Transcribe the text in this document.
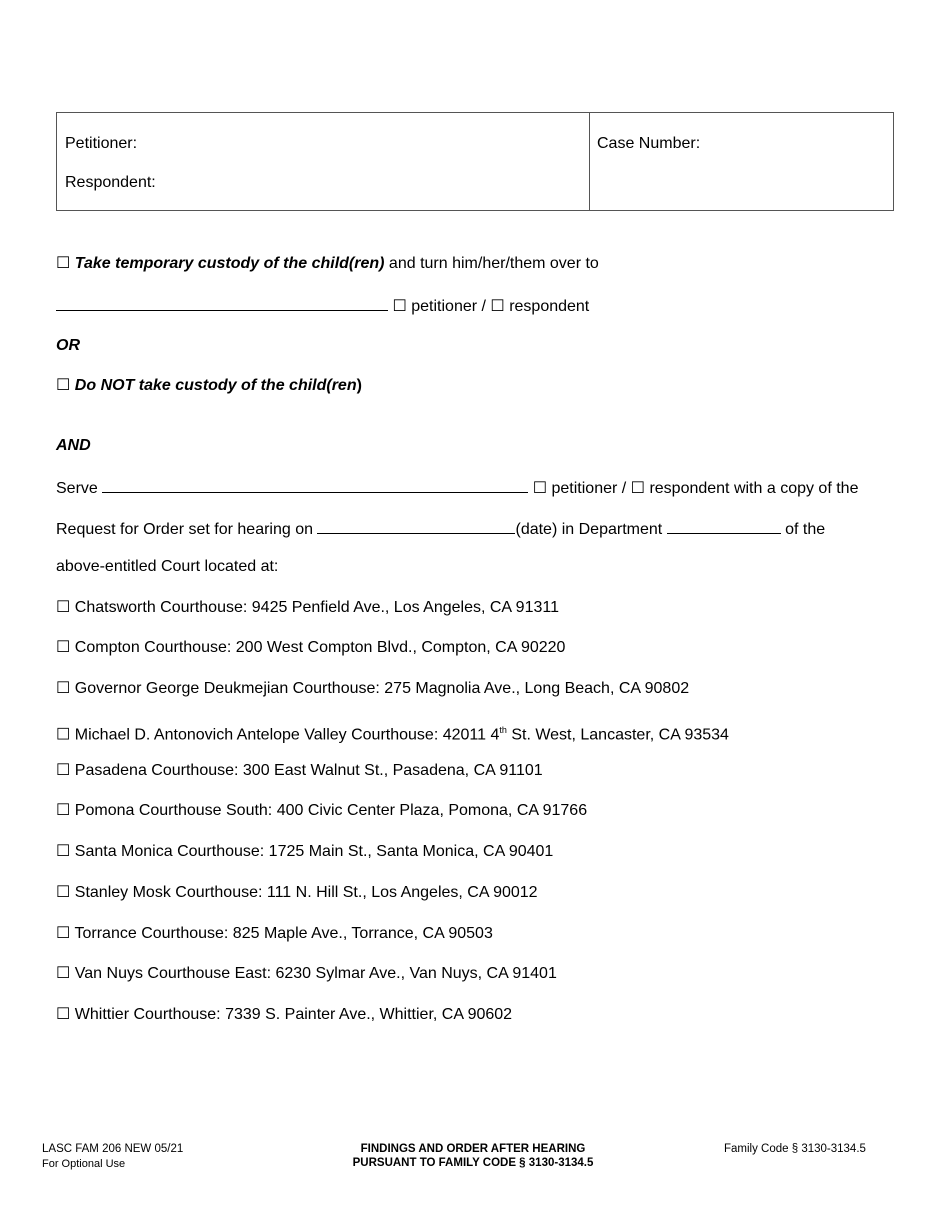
Petitioner:
Respondent:
Case Number:
☐ Take temporary custody of the child(ren) and turn him/her/them over to
☐ petitioner / ☐ respondent
OR
☐ Do NOT take custody of the child(ren)
AND
Serve	☐ petitioner / ☐ respondent with a copy of the
Request for Order set for hearing on	(date) in Department	of the
above-entitled Court located at:
☐ Chatsworth Courthouse: 9425 Penfield Ave., Los Angeles, CA 91311
☐ Compton Courthouse: 200 West Compton Blvd., Compton, CA 90220
☐ Governor George Deukmejian Courthouse: 275 Magnolia Ave., Long Beach, CA 90802
☐ Michael D. Antonovich Antelope Valley Courthouse: 42011 4th St. West, Lancaster, CA 93534
☐ Pasadena Courthouse: 300 East Walnut St., Pasadena, CA 91101
☐ Pomona Courthouse South: 400 Civic Center Plaza, Pomona, CA 91766
☐ Santa Monica Courthouse: 1725 Main St., Santa Monica, CA 90401
☐ Stanley Mosk Courthouse: 111 N. Hill St., Los Angeles, CA 90012
☐ Torrance Courthouse: 825 Maple Ave., Torrance, CA 90503
☐ Van Nuys Courthouse East: 6230 Sylmar Ave., Van Nuys, CA 91401
☐ Whittier Courthouse: 7339 S. Painter Ave., Whittier, CA 90602
LASC FAM 206 NEW 05/21
For Optional Use
FINDINGS AND ORDER AFTER HEARING
PURSUANT TO FAMILY CODE § 3130-3134.5
Family Code § 3130-3134.5
